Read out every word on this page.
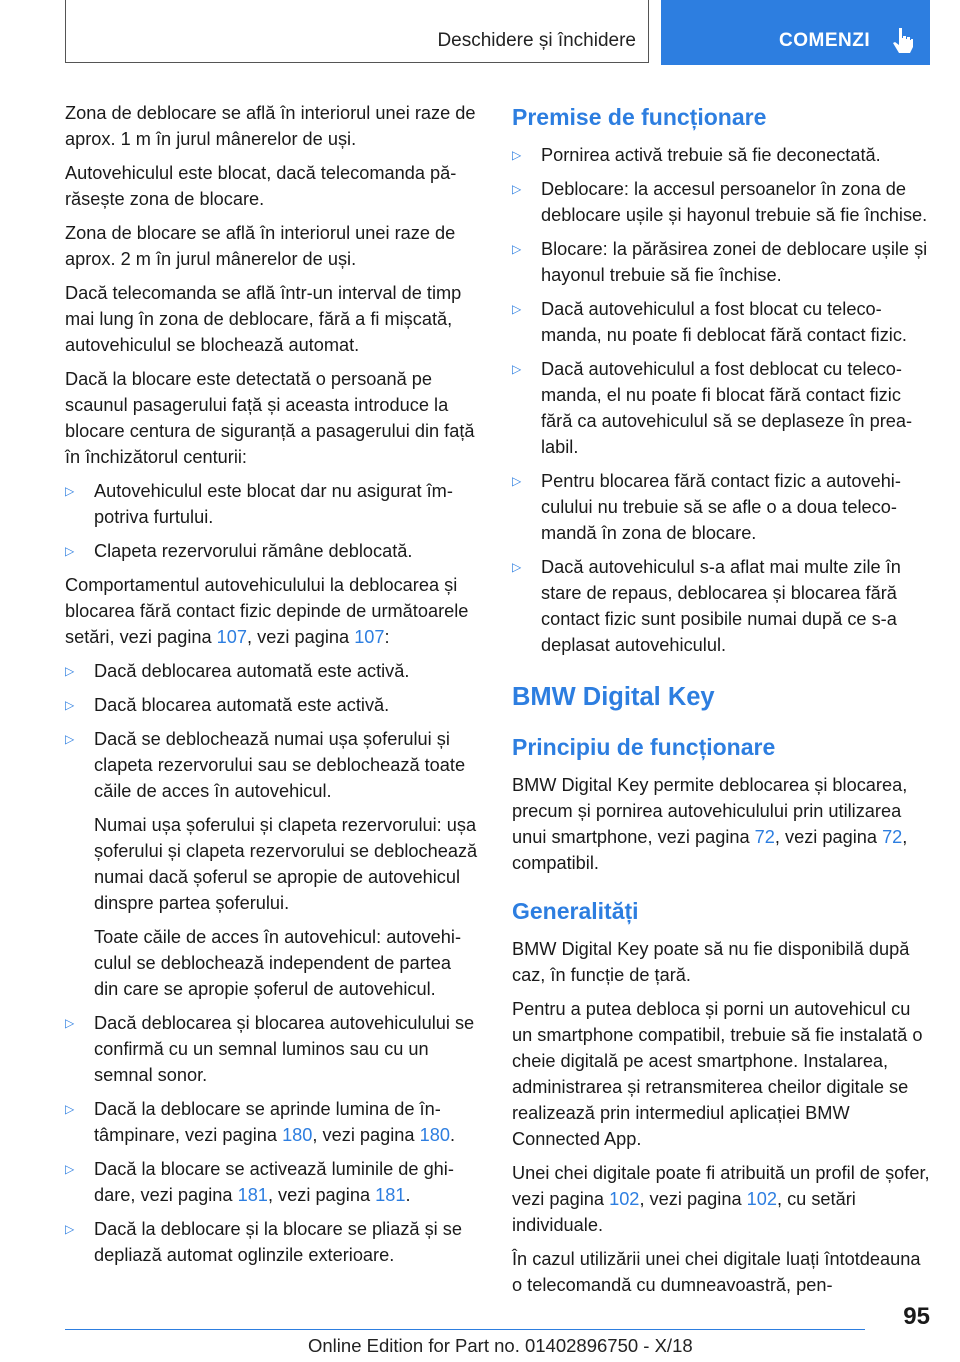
Deschidere și închidere	COMENZI

Zona de deblocare se află în interiorul unei raze de aprox. 1 m în jurul mânerelor de uși.

Autovehiculul este blocat, dacă telecomanda părăsește zona de blocare.

Zona de blocare se află în interiorul unei raze de aprox. 2 m în jurul mânerelor de uși.

Dacă telecomanda se află într-un interval de timp mai lung în zona de deblocare, fără a fi mișcată, autovehiculul se blochează automat.

Dacă la blocare este detectată o persoană pe scaunul pasagerului față și aceasta introduce la blocare centura de siguranță a pasagerului din față în închizătorul centurii:

▷ Autovehiculul este blocat dar nu asigurat împotriva furtului.
▷ Clapeta rezervorului rămâne deblocată.

Comportamentul autovehiculului la deblocarea și blocarea fără contact fizic depinde de următoarele setări, vezi pagina 107, vezi pagina 107:

▷ Dacă deblocarea automată este activă.
▷ Dacă blocarea automată este activă.
▷ Dacă se deblochează numai ușa șoferului și clapeta rezervorului sau se deblochează toate căile de acces în autovehicul.

Numai ușa șoferului și clapeta rezervorului: ușa șoferului și clapeta rezervorului se deblochează numai dacă șoferul se apropie de autovehicul dinspre partea șoferului.

Toate căile de acces în autovehicul: autovehiculul se deblochează independent de partea din care se apropie șoferul de autovehicul.

▷ Dacă deblocarea și blocarea autovehiculului se confirmă cu un semnal luminos sau cu un semnal sonor.
▷ Dacă la deblocare se aprinde lumina de întâmpinare, vezi pagina 180, vezi pagina 180.
▷ Dacă la blocare se activează luminile de ghidare, vezi pagina 181, vezi pagina 181.
▷ Dacă la deblocare și la blocare se pliază și se depliază automat oglinzile exterioare.
Premise de funcționare
▷ Pornirea activă trebuie să fie deconectată.
▷ Deblocare: la accesul persoanelor în zona de deblocare ușile și hayonul trebuie să fie închise.
▷ Blocare: la părăsirea zonei de deblocare ușile și hayonul trebuie să fie închise.
▷ Dacă autovehiculul a fost blocat cu telecomanda, nu poate fi deblocat fără contact fizic.
▷ Dacă autovehiculul a fost deblocat cu telecomanda, el nu poate fi blocat fără contact fizic fără ca autovehiculul să se deplaseze în prealabil.
▷ Pentru blocarea fără contact fizic a autovehiculului nu trebuie să se afle o a doua telecomandă în zona de blocare.
▷ Dacă autovehiculul s-a aflat mai multe zile în stare de repaus, deblocarea și blocarea fără contact fizic sunt posibile numai după ce s-a deplasat autovehiculul.
BMW Digital Key
Principiu de funcționare

BMW Digital Key permite deblocarea și blocarea, precum și pornirea autovehiculului prin utilizarea unui smartphone, vezi pagina 72, vezi pagina 72, compatibil.

Generalități

BMW Digital Key poate să nu fie disponibilă după caz, în funcție de țară.

Pentru a putea debloca și porni un autovehicul cu un smartphone compatibil, trebuie să fie instalată o cheie digitală pe acest smartphone. Instalarea, administrarea și retransmiterea cheilor digitale se realizează prin intermediul aplicației BMW Connected App.

Unei chei digitale poate fi atribuită un profil de șofer, vezi pagina 102, vezi pagina 102, cu setări individuale.

În cazul utilizării unei chei digitale luați întotdeauna o telecomandă cu dumneavoastră, pen-

95
Online Edition for Part no. 01402896750 - X/18
